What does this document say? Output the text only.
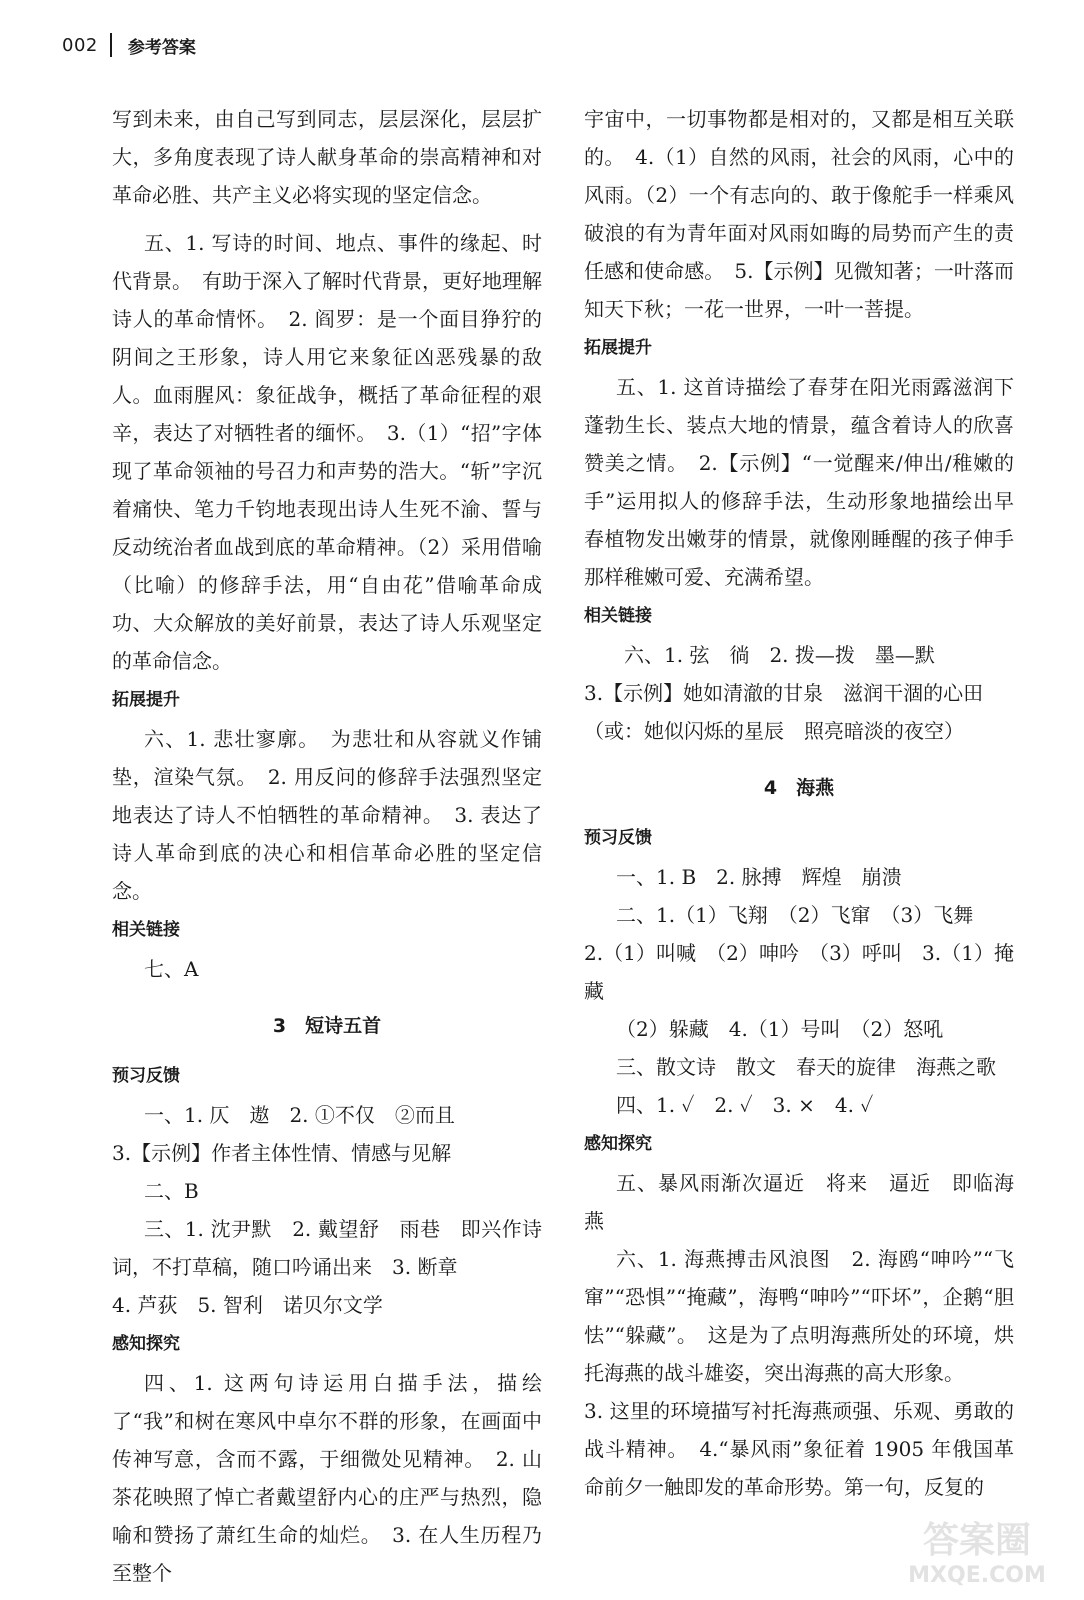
002 参考答案

写到未来，由自己写到同志，层层深化，层层扩大，多角度表现了诗人献身革命的崇高精神和对革命必胜、共产主义必将实现的坚定信念。

五、1. 写诗的时间、地点、事件的缘起、时代背景。　有助于深入了解时代背景，更好地理解诗人的革命情怀。　2. 阎罗：是一个面目狰狞的阴间之王形象，诗人用它来象征凶恶残暴的敌人。血雨腥风：象征战争，概括了革命征程的艰辛，表达了对牺牲者的缅怀。　3.（1）“招”字体现了革命领袖的号召力和声势的浩大。“斩”字沉着痛快、笔力千钧地表现出诗人生死不渝、誓与反动统治者血战到底的革命精神。（2）采用借喻（比喻）的修辞手法，用“自由花”借喻革命成功、大众解放的美好前景，表达了诗人乐观坚定的革命信念。

拓展提升

六、1. 悲壮寥廓。　为悲壮和从容就义作铺垫，渲染气氛。　2. 用反问的修辞手法强烈坚定地表达了诗人不怕牺牲的革命精神。　3. 表达了诗人革命到底的决心和相信革命必胜的坚定信念。

相关链接

七、A

3　短诗五首
预习反馈

一、1. 仄　遨　2. ①不仅　②而且

3.【示例】作者主体性情、情感与见解

二、B

三、1. 沈尹默　2. 戴望舒　雨巷　即兴作诗词，不打草稿，随口吟诵出来　3. 断章

4. 芦荻　5. 智利　诺贝尔文学

感知探究

四、1. 这两句诗运用白描手法，描绘了“我”和树在寒风中卓尔不群的形象，在画面中传神写意，含而不露，于细微处见精神。　2. 山茶花映照了悼亡者戴望舒内心的庄严与热烈，隐喻和赞扬了萧红生命的灿烂。　3. 在人生历程乃至整个

宇宙中，一切事物都是相对的，又都是相互关联的。　4.（1）自然的风雨，社会的风雨，心中的风雨。（2）一个有志向的、敢于像舵手一样乘风破浪的有为青年面对风雨如晦的局势而产生的责任感和使命感。　5.【示例】见微知著；一叶落而知天下秋；一花一世界，一叶一菩提。

拓展提升

五、1. 这首诗描绘了春芽在阳光雨露滋润下蓬勃生长、装点大地的情景，蕴含着诗人的欣喜赞美之情。　2.【示例】“一觉醒来/伸出/稚嫩的手”运用拟人的修辞手法，生动形象地描绘出早春植物发出嫩芽的情景，就像刚睡醒的孩子伸手那样稚嫩可爱、充满希望。

相关链接

六、1. 弦　徜　2. 拨—拨　墨—默

3.【示例】她如清澈的甘泉　滋润干涸的心田

（或：她似闪烁的星辰　照亮暗淡的夜空）

4　海燕
预习反馈

一、1. B　2. 脉搏　辉煌　崩溃

二、1.（1）飞翔　（2）飞窜　（3）飞舞

2.（1）叫喊　（2）呻吟　（3）呼叫　3.（1）掩藏

（2）躲藏　4.（1）号叫　（2）怒吼

三、散文诗　散文　春天的旋律　海燕之歌

四、1. ✓　2. ✓　3. ×　4. ✓

感知探究

五、暴风雨渐次逼近　将来　逼近　即临海燕

六、1. 海燕搏击风浪图　2. 海鸥“呻吟”“飞窜”“恐惧”“掩藏”，海鸭“呻吟”“吓坏”，企鹅“胆怯”“躲藏”。　这是为了点明海燕所处的环境，烘托海燕的战斗雄姿，突出海燕的高大形象。

3. 这里的环境描写衬托海燕顽强、乐观、勇敢的战斗精神。　4.“暴风雨”象征着 1905 年俄国革命前夕一触即发的革命形势。第一句，反复的

答案圈
MXQE.COM
